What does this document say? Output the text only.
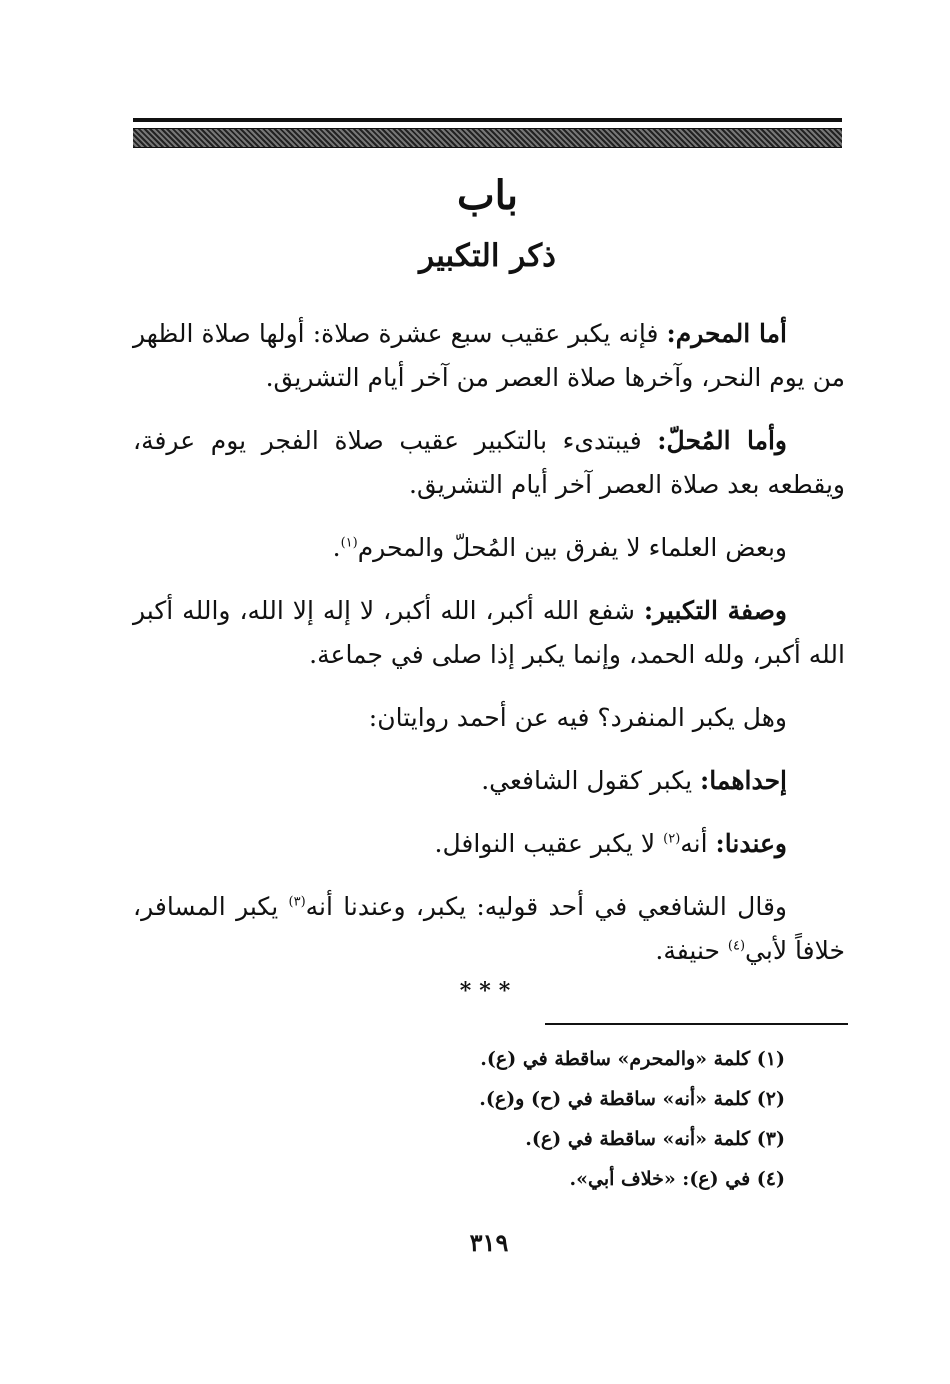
باب
ذكر التكبير

أما المحرم: فإنه يكبر عقيب سبع عشرة صلاة: أولها صلاة الظهر من يوم النحر، وآخرها صلاة العصر من آخر أيام التشريق.

وأما المُحلّ: فيبتدىء بالتكبير عقيب صلاة الفجر يوم عرفة، ويقطعه بعد صلاة العصر آخر أيام التشريق.

وبعض العلماء لا يفرق بين المُحلّ والمحرم$^{(١)}$.

وصفة التكبير: شفع الله أكبر، الله أكبر، لا إله إلا الله، والله أكبر الله أكبر، ولله الحمد، وإنما يكبر إذا صلى في جماعة.

وهل يكبر المنفرد؟ فيه عن أحمد روايتان:

إحداهما: يكبر كقول الشافعي.

وعندنا: أنه$^{(٢)}$ لا يكبر عقيب النوافل.

وقال الشافعي في أحد قوليه: يكبر، وعندنا أنه$^{(٣)}$ يكبر المسافر، خلافاً لأبي$^{(٤)}$ حنيفة.

***

(١) كلمة «والمحرم» ساقطة في (ع).

(٢) كلمة «أنه» ساقطة في (ح) و(ع).

(٣) كلمة «أنه» ساقطة في (ع).

(٤) في (ع): «خلاف أبي».

٣١٩
